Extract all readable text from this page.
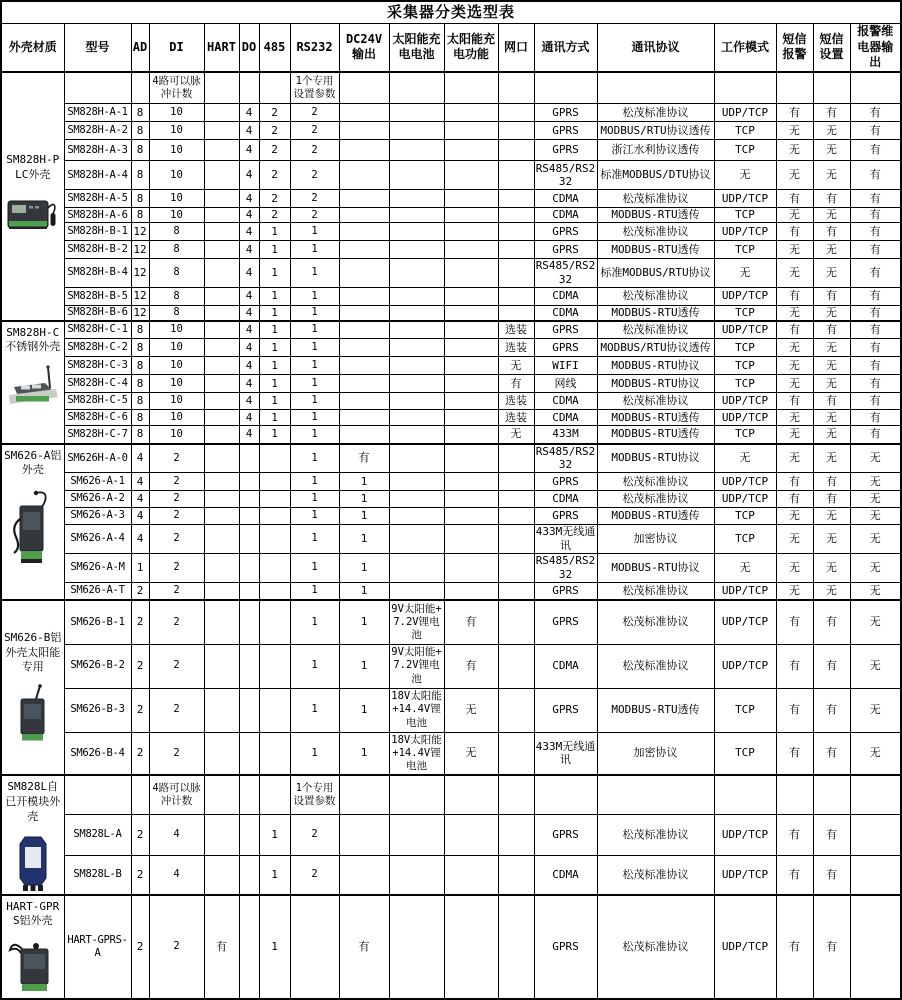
采集器分类选型表																	
外壳材质	型号	AD	DI	HART	DO	485	RS232	DC24V输出	太阳能充电电池	太阳能充电功能	网口	通讯方式	通讯协议	工作模式	短信报警	短信设置	报警维电器输出

SM828H-PLC外壳			4路可以脉冲计数				1个专用设置参数										
	SM828H-A-1	8	10		4	2	2					GPRS	松茂标准协议	UDP/TCP	有	有	有
	SM828H-A-2	8	10		4	2	2					GPRS	MODBUS/RTU协议透传	TCP	无	无	有
	SM828H-A-3	8	10		4	2	2					GPRS	浙江水利协议透传	TCP	无	无	有
	SM828H-A-4	8	10		4	2	2					RS485/RS232	标准MODBUS/DTU协议	无	无	无	有
	SM828H-A-5	8	10		4	2	2					CDMA	松茂标准协议	UDP/TCP	有	有	有
	SM828H-A-6	8	10		4	2	2					CDMA	MODBUS-RTU透传	TCP	无	无	有
	SM828H-B-1	12	8		4	1	1					GPRS	松茂标准协议	UDP/TCP	有	有	有
	SM828H-B-2	12	8		4	1	1					GPRS	MODBUS-RTU透传	TCP	无	无	有
	SM828H-B-4	12	8		4	1	1					RS485/RS232	标准MODBUS/RTU协议	无	无	无	有
	SM828H-B-5	12	8		4	1	1					CDMA	松茂标准协议	UDP/TCP	有	有	有
	SM828H-B-6	12	8		4	1	1					CDMA	MODBUS-RTU透传	TCP	无	无	有

SM828H-C不锈钢外壳	SM828H-C-1	8	10		4	1	1				选装	GPRS	松茂标准协议	UDP/TCP	有	有	有
	SM828H-C-2	8	10		4	1	1				选装	GPRS	MODBUS/RTU协议透传	TCP	无	无	有
	SM828H-C-3	8	10		4	1	1				无	WIFI	MODBUS-RTU协议	TCP	无	无	有
	SM828H-C-4	8	10		4	1	1				有	网线	MODBUS-RTU协议	TCP	无	无	有
	SM828H-C-5	8	10		4	1	1				选装	CDMA	松茂标准协议	UDP/TCP	有	有	有
	SM828H-C-6	8	10		4	1	1				选装	CDMA	MODBUS-RTU透传	UDP/TCP	无	无	有
	SM828H-C-7	8	10		4	1	1				无	433M	MODBUS-RTU透传	TCP	无	无	有

SM626-A铝外壳	SM626H-A-0	4	2				1	有				RS485/RS232	MODBUS-RTU协议	无	无	无	无
	SM626-A-1	4	2				1	1				GPRS	松茂标准协议	UDP/TCP	有	有	无
	SM626-A-2	4	2				1	1				CDMA	松茂标准协议	UDP/TCP	有	有	无
	SM626-A-3	4	2				1	1				GPRS	MODBUS-RTU透传	TCP	无	无	无
	SM626-A-4	4	2				1	1				433M无线通讯	加密协议	TCP	无	无	无
	SM626-A-M	1	2				1	1				RS485/RS232	MODBUS-RTU协议	无	无	无	无
	SM626-A-T	2	2				1	1				GPRS	松茂标准协议	UDP/TCP	无	无	无

SM626-B铝外壳太阳能专用	SM626-B-1	2	2				1	1	9V太阳能+7.2V锂电池	有		GPRS	松茂标准协议	UDP/TCP	有	有	无
	SM626-B-2	2	2				1	1	9V太阳能+7.2V锂电池	有		CDMA	松茂标准协议	UDP/TCP	有	有	无
	SM626-B-3	2	2				1	1	18V太阳能+14.4V锂电池	无		GPRS	MODBUS-RTU透传	TCP	有	有	无
	SM626-B-4	2	2				1	1	18V太阳能+14.4V锂电池	无		433M无线通讯	加密协议	TCP	有	有	无

SM828L自已开模块外壳			4路可以脉冲计数				1个专用设置参数										
	SM828L-A	2	4			1	2					GPRS	松茂标准协议	UDP/TCP	有	有	
	SM828L-B	2	4			1	2					CDMA	松茂标准协议	UDP/TCP	有	有	

HART-GPRS铝外壳	HART-GPRS-A	2	2	有		1		有				GPRS	松茂标准协议	UDP/TCP	有	有	
